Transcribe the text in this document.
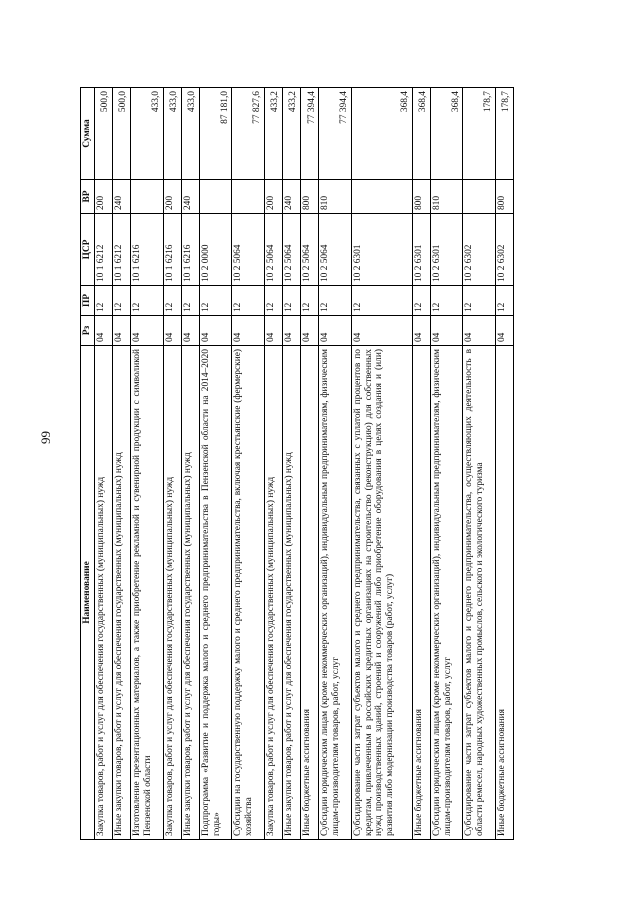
99
Наименование	Рз	ПР	ЦСР	ВР	Сумма
Закупка товаров, работ и услуг для обеспечения государственных (муниципальных) нужд	04	12	10 1 6212	200	500,0
Иные закупки товаров, работ и услуг для обеспечения государственных (муниципальных) нужд	04	12	10 1 6212	240	500,0
Изготовление презентационных материалов, а также приобретение рекламной и сувенирной продукции с символикой Пензенской области	04	12	10 1 6216		433,0
Закупка товаров, работ и услуг для обеспечения государственных (муниципальных) нужд	04	12	10 1 6216	200	433,0
Иные закупки товаров, работ и услуг для обеспечения государственных (муниципальных) нужд	04	12	10 1 6216	240	433,0
Подпрограмма «Развитие и поддержка малого и среднего предпринимательства в Пензенской области на 2014–2020 годы»	04	12	10 2 0000		87 181,0
Субсидии на государственную поддержку малого и среднего предпринимательства, включая крестьянские (фермерские) хозяйства	04	12	10 2 5064		77 827,6
Закупка товаров, работ и услуг для обеспечения государственных (муниципальных) нужд	04	12	10 2 5064	200	433,2
Иные закупки товаров, работ и услуг для обеспечения государственных (муниципальных) нужд	04	12	10 2 5064	240	433,2
Иные бюджетные ассигнования	04	12	10 2 5064	800	77 394,4
Субсидии юридическим лицам (кроме некоммерческих организаций), индивидуальным предпринимателям, физическим лицам-производителям товаров, работ, услуг	04	12	10 2 5064	810	77 394,4
Субсидирование части затрат субъектов малого и среднего предпринимательства, связанных с уплатой процентов по кредитам, привлеченным в российских кредитных организациях на строительство (реконструкцию) для собственных нужд производственных зданий, строений и сооружений либо приобретение оборудования в целях создания и (или) развития либо модернизации производства товаров (работ, услуг)	04	12	10 2 6301		368,4
Иные бюджетные ассигнования	04	12	10 2 6301	800	368,4
Субсидии юридическим лицам (кроме некоммерческих организаций), индивидуальным предпринимателям, физическим лицам-производителям товаров, работ, услуг	04	12	10 2 6301	810	368,4
Субсидирование части затрат субъектов малого и среднего предпринимательства, осуществляющих деятельность в области ремесел, народных художественных промыслов, сельского и экологического туризма	04	12	10 2 6302		178,7
Иные бюджетные ассигнования	04	12	10 2 6302	800	178,7
